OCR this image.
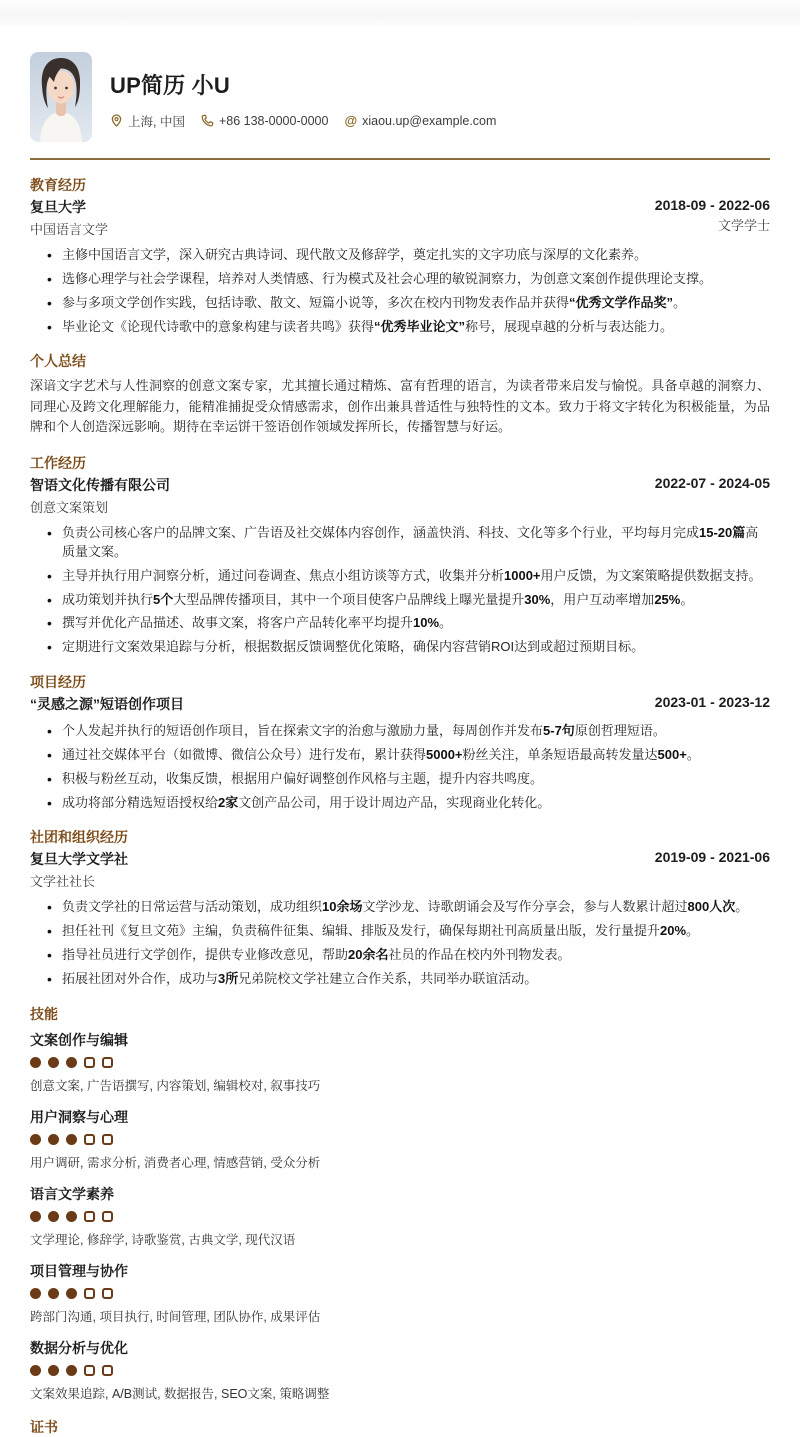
UP简历 小U
上海, 中国	+86 138-0000-0000 @ xiaou.up@example.com
教育经历
复旦大学
中国语言文学
2018-09 - 2022-06
文学学士
• 主修中国语言文学，深入研究古典诗词、现代散文及修辞学，奠定扎实的文字功底与深厚的文化素养。
• 选修心理学与社会学课程，培养对人类情感、行为模式及社会心理的敏锐洞察力，为创意文案创作提供理论支撑。
• 参与多项文学创作实践，包括诗歌、散文、短篇小说等，多次在校内刊物发表作品并获得“优秀文学作品奖”。
• 毕业论文《论现代诗歌中的意象构建与读者共鸣》获得“优秀毕业论文”称号，展现卓越的分析与表达能力。
个人总结

深谙文字艺术与人性洞察的创意文案专家，尤其擅长通过精炼、富有哲理的语言，为读者带来启发与愉悦。具备卓越的洞察力、同理心及跨文化理解能力，能精准捕捉受众情感需求，创作出兼具普适性与独特性的文本。致力于将文字转化为积极能量，为品牌和个人创造深远影响。期待在幸运饼干签语创作领域发挥所长，传播智慧与好运。

工作经历
智语文化传播有限公司
创意文案策划
2022-07 - 2024-05
• 负责公司核心客户的品牌文案、广告语及社交媒体内容创作，涵盖快消、科技、文化等多个行业，平均每月完成15-20篇高质量文案。
• 主导并执行用户洞察分析，通过问卷调查、焦点小组访谈等方式，收集并分析1000+用户反馈，为文案策略提供数据支持。
• 成功策划并执行5个大型品牌传播项目，其中一个项目使客户品牌线上曝光量提升30%，用户互动率增加25%。
• 撰写并优化产品描述、故事文案，将客户产品转化率平均提升10%。
• 定期进行文案效果追踪与分析，根据数据反馈调整优化策略，确保内容营销ROI达到或超过预期目标。
项目经历
“灵感之源”短语创作项目	2023-01 - 2023-12
• 个人发起并执行的短语创作项目，旨在探索文字的治愈与激励力量，每周创作并发布5-7句原创哲理短语。
• 通过社交媒体平台（如微博、微信公众号）进行发布，累计获得5000+粉丝关注，单条短语最高转发量达500+。
• 积极与粉丝互动，收集反馈，根据用户偏好调整创作风格与主题，提升内容共鸣度。
• 成功将部分精选短语授权给2家文创产品公司，用于设计周边产品，实现商业化转化。
社团和组织经历
复旦大学文学社
文学社社长
2019-09 - 2021-06
• 负责文学社的日常运营与活动策划，成功组织10余场文学沙龙、诗歌朗诵会及写作分享会，参与人数累计超过800人次。
• 担任社刊《复旦文苑》主编，负责稿件征集、编辑、排版及发行，确保每期社刊高质量出版，发行量提升20%。
• 指导社员进行文学创作，提供专业修改意见，帮助20余名社员的作品在校内外刊物发表。
• 拓展社团对外合作，成功与3所兄弟院校文学社建立合作关系，共同举办联谊活动。
技能
文案创作与编辑
创意文案, 广告语撰写, 内容策划, 编辑校对, 叙事技巧
用户洞察与心理
用户调研, 需求分析, 消费者心理, 情感营销, 受众分析
语言文学素养
文学理论, 修辞学, 诗歌鉴赏, 古典文学, 现代汉语
项目管理与协作
跨部门沟通, 项目执行, 时间管理, 团队协作, 成果评估
数据分析与优化
文案效果追踪, A/B测试, 数据报告, SEO文案, 策略调整
证书
